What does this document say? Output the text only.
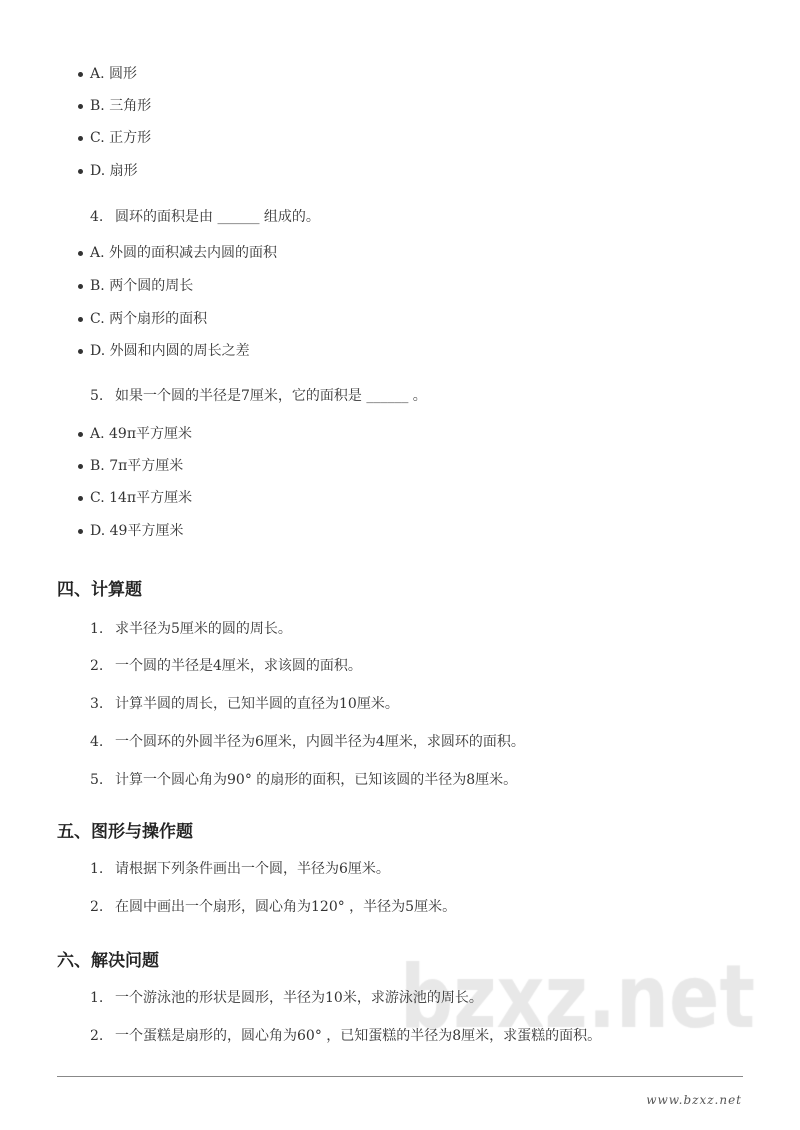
www.bzxz.net
A. 圆形
B. 三角形
C. 正方形
D. 扇形
4. 圆环的面积是由 ______ 组成的。
A. 外圆的面积减去内圆的面积
B. 两个圆的周长
C. 两个扇形的面积
D. 外圆和内圆的周长之差
5. 如果一个圆的半径是7厘米，它的面积是 ______ 。
A. 49π平方厘米
B. 7π平方厘米
C. 14π平方厘米
D. 49平方厘米
四、计算题
1. 求半径为5厘米的圆的周长。
2. 一个圆的半径是4厘米，求该圆的面积。
3. 计算半圆的周长，已知半圆的直径为10厘米。
4. 一个圆环的外圆半径为6厘米，内圆半径为4厘米，求圆环的面积。
5. 计算一个圆心角为90° 的扇形的面积，已知该圆的半径为8厘米。
五、图形与操作题
1. 请根据下列条件画出一个圆，半径为6厘米。
2. 在圆中画出一个扇形，圆心角为120° ，半径为5厘米。
六、解决问题
1. 一个游泳池的形状是圆形，半径为10米，求游泳池的周长。
2. 一个蛋糕是扇形的，圆心角为60° ，已知蛋糕的半径为8厘米，求蛋糕的面积。
